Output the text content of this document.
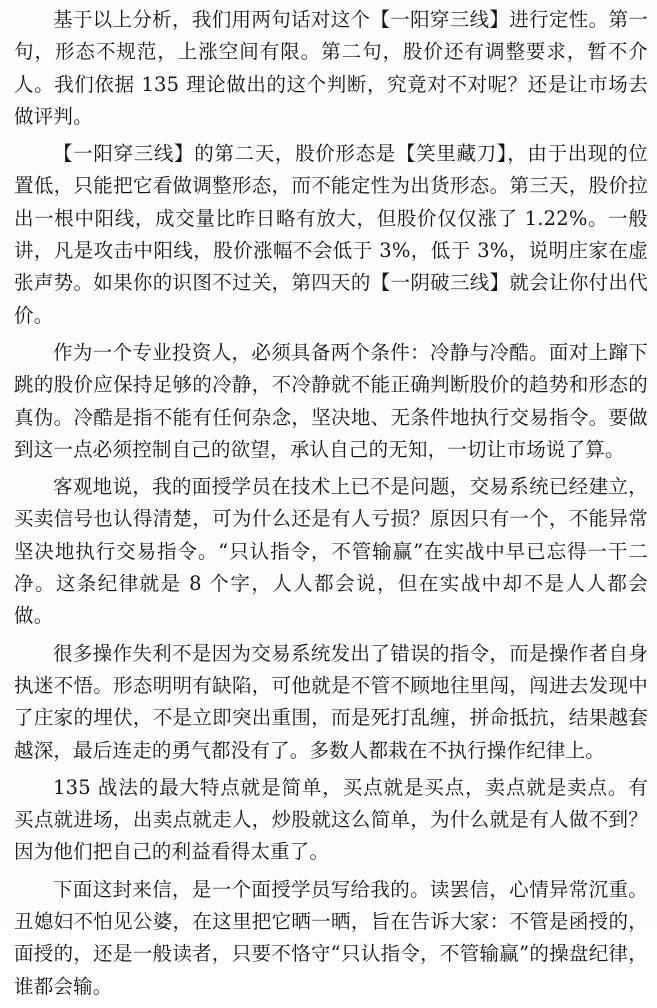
基于以上分析，我们用两句话对这个【一阳穿三线】进行定性。第一句，形态不规范，上涨空间有限。第二句，股价还有调整要求，暂不介人。我们依据 135 理论做出的这个判断，究竟对不对呢？还是让市场去做评判。

【一阳穿三线】的第二天，股价形态是【笑里藏刀】，由于出现的位置低，只能把它看做调整形态，而不能定性为出货形态。第三天，股价拉出一根中阳线，成交量比昨日略有放大，但股价仅仅涨了 1.22%。一般讲，凡是攻击中阳线，股价涨幅不会低于 3%，低于 3%，说明庄家在虚张声势。如果你的识图不过关，第四天的【一阴破三线】就会让你付出代价。

作为一个专业投资人，必须具备两个条件：冷静与冷酷。面对上蹿下跳的股价应保持足够的冷静，不冷静就不能正确判断股价的趋势和形态的真伪。冷酷是指不能有任何杂念，坚决地、无条件地执行交易指令。要做到这一点必须控制自己的欲望，承认自己的无知，一切让市场说了算。

客观地说，我的面授学员在技术上已不是问题，交易系统已经建立，买卖信号也认得清楚，可为什么还是有人亏损？原因只有一个，不能异常坚决地执行交易指令。“只认指令，不管输赢”在实战中早已忘得一干二净。这条纪律就是 8 个字，人人都会说，但在实战中却不是人人都会做。

很多操作失利不是因为交易系统发出了错误的指令，而是操作者自身执迷不悟。形态明明有缺陷，可他就是不管不顾地往里闯，闯进去发现中了庄家的埋伏，不是立即突出重围，而是死打乱缠，拼命抵抗，结果越套越深，最后连走的勇气都没有了。多数人都栽在不执行操作纪律上。

135 战法的最大特点就是简单，买点就是买点，卖点就是卖点。有买点就进场，出卖点就走人，炒股就这么简单，为什么就是有人做不到？因为他们把自己的利益看得太重了。

下面这封来信，是一个面授学员写给我的。读罢信，心情异常沉重。丑媳妇不怕见公婆，在这里把它晒一晒，旨在告诉大家：不管是函授的，面授的，还是一般读者，只要不恪守“只认指令，不管输赢”的操盘纪律，谁都会输。
